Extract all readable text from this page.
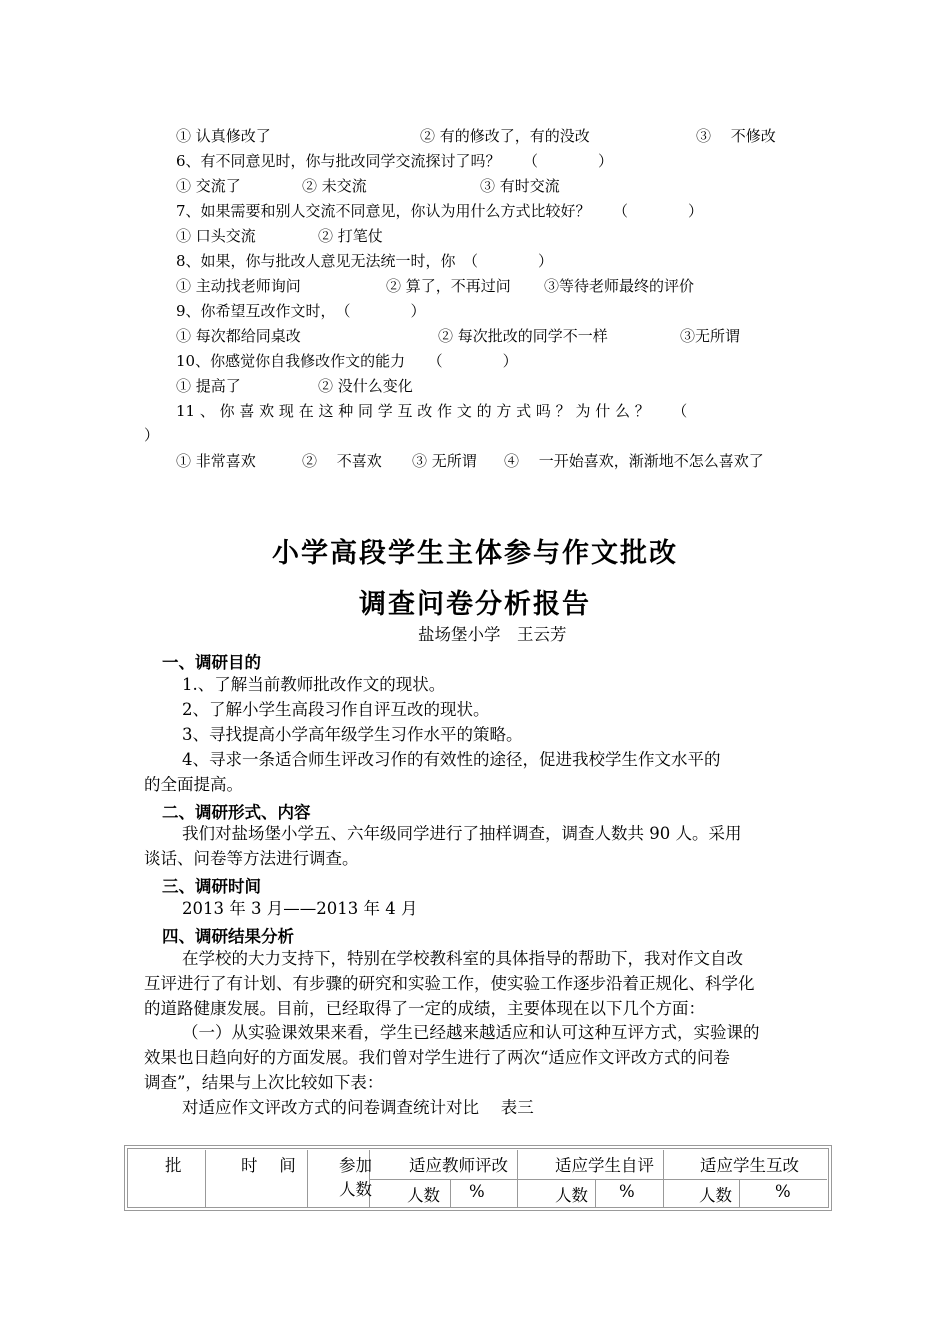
① 认真修改了	② 有的修改了，有的没改	③　 不修改
6、有不同意见时，你与批改同学交流探讨了吗？　　（　　　　）
① 交流了	② 未交流	③ 有时交流
7、如果需要和别人交流不同意见，你认为用什么方式比较好？　　（　　　　）
① 口头交流	② 打笔仗
8、如果，你与批改人意见无法统一时，你　（　　　　）
① 主动找老师询问	② 算了，不再过问 ③等待老师最终的评价
9、你希望互改作文时，　（　　　　）
① 每次都给同桌改	② 每次批改的同学不一样	③无所谓
10、你感觉你自我修改作文的能力　　（　　　　）
① 提高了	② 没什么变化
11 、 你 喜 欢 现 在 这 种 同 学 互 改 作 文 的 方 式 吗 ？ 为 什 么 ？　　（
）
① 非常喜欢	②　 不喜欢 ③ 无所谓 ④　 一开始喜欢，渐渐地不怎么喜欢了
小学高段学生主体参与作文批改
调查问卷分析报告
盐场堡小学　王云芳
一、调研目的
1.、了解当前教师批改作文的现状。
2、了解小学生高段习作自评互改的现状。
3、寻找提高小学高年级学生习作水平的策略。
4、寻求一条适合师生评改习作的有效性的途径，促进我校学生作文水平的
的全面提高。
二、调研形式、内容
我们对盐场堡小学五、六年级同学进行了抽样调查，调查人数共 90 人。采用
谈话、问卷等方法进行调查。
三、调研时间
2013 年 3 月——2013 年 4 月
四、调研结果分析
在学校的大力支持下，特别在学校教科室的具体指导的帮助下，我对作文自改
互评进行了有计划、有步骤的研究和实验工作，使实验工作逐步沿着正规化、科学化
的道路健康发展。目前，已经取得了一定的成绩，主要体现在以下几个方面：
（一）从实验课效果来看，学生已经越来越适应和认可这种互评方式，实验课的
效果也日趋向好的方面发展。我们曾对学生进行了两次“适应作文评改方式的问卷
调查”，结果与上次比较如下表：
对适应作文评改方式的问卷调查统计对比　 表三
批	时　 间	参加
人数
适应教师评改	适应学生自评	适应学生互改
人数 %	人数 %	人数	%
